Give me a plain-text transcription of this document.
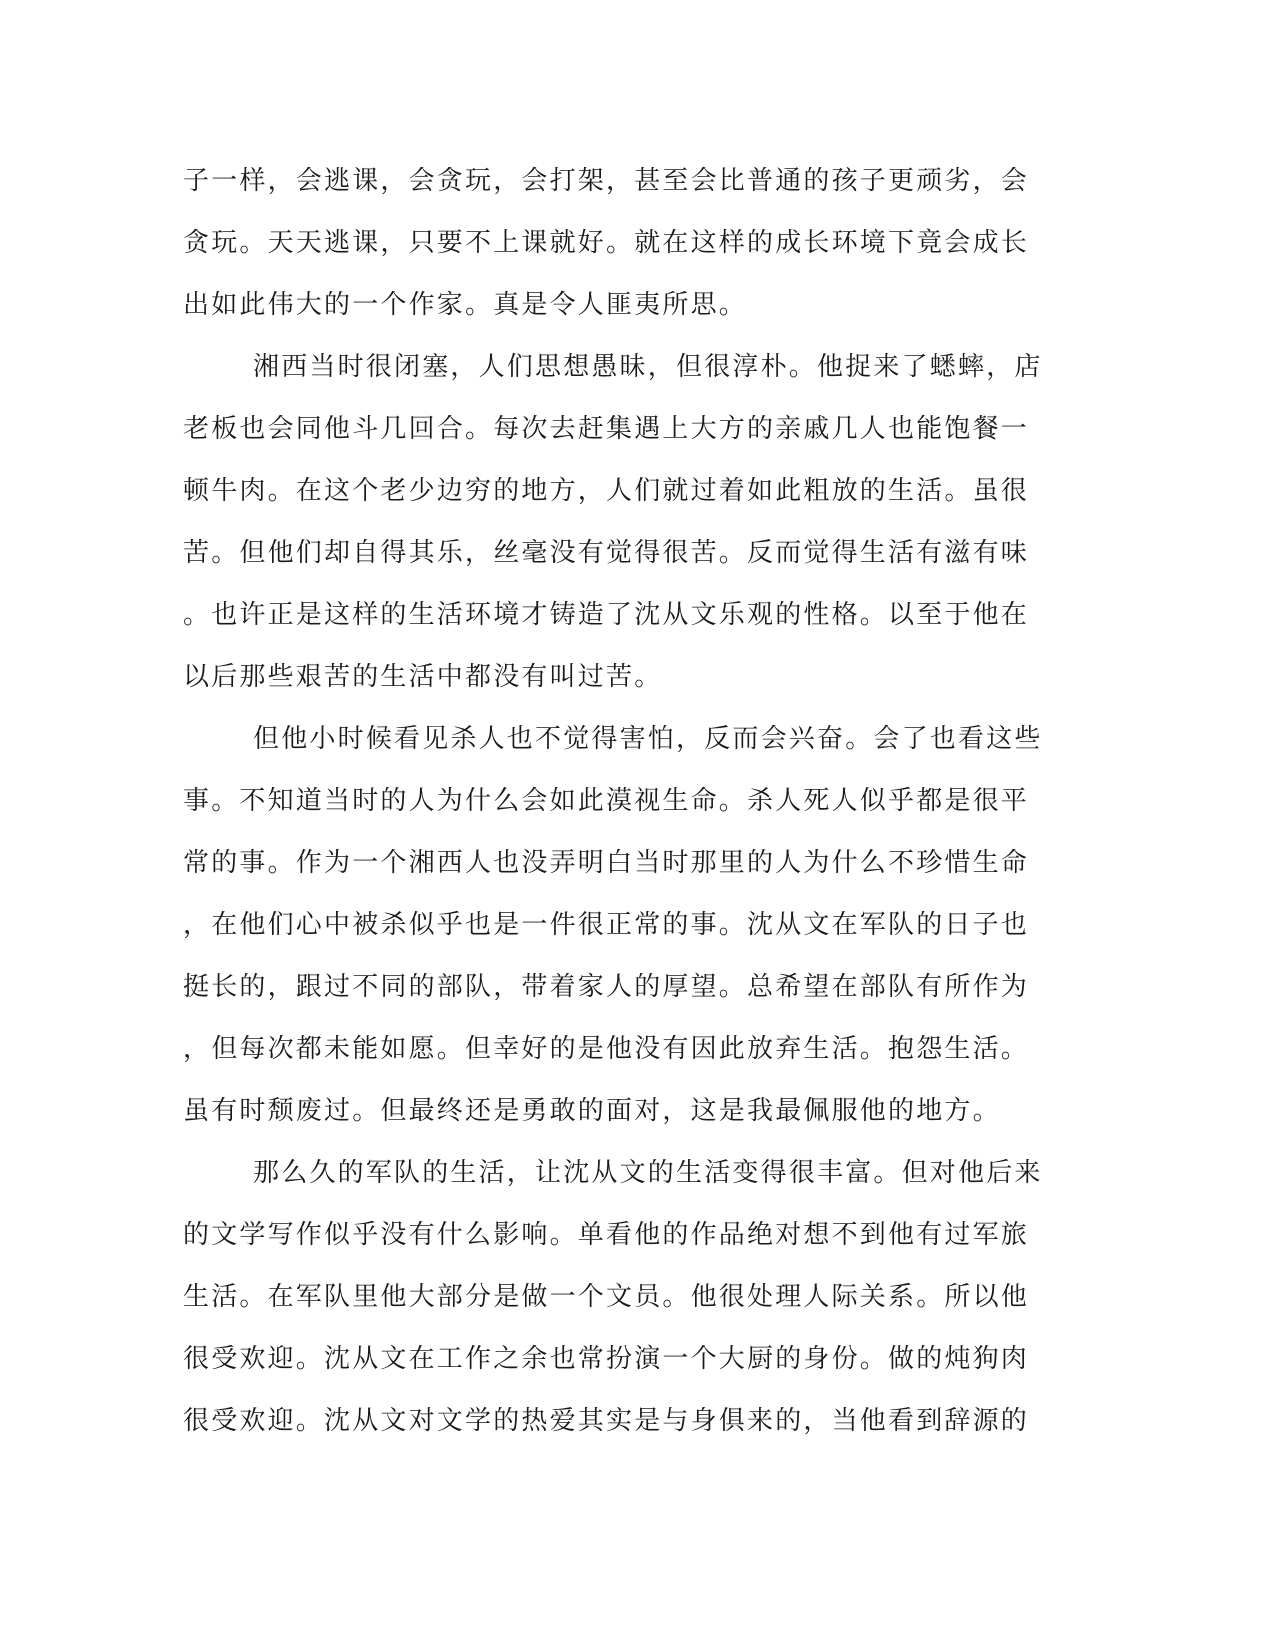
子一样，会逃课，会贪玩，会打架，甚至会比普通的孩子更顽劣，会
贪玩。天天逃课，只要不上课就好。就在这样的成长环境下竟会成长
出如此伟大的一个作家。真是令人匪夷所思。
湘西当时很闭塞，人们思想愚昧，但很淳朴。他捉来了蟋蟀，店
老板也会同他斗几回合。每次去赶集遇上大方的亲戚几人也能饱餐一
顿牛肉。在这个老少边穷的地方，人们就过着如此粗放的生活。虽很
苦。但他们却自得其乐，丝毫没有觉得很苦。反而觉得生活有滋有味
。也许正是这样的生活环境才铸造了沈从文乐观的性格。以至于他在
以后那些艰苦的生活中都没有叫过苦。
但他小时候看见杀人也不觉得害怕，反而会兴奋。会了也看这些
事。不知道当时的人为什么会如此漠视生命。杀人死人似乎都是很平
常的事。作为一个湘西人也没弄明白当时那里的人为什么不珍惜生命
，在他们心中被杀似乎也是一件很正常的事。沈从文在军队的日子也
挺长的，跟过不同的部队，带着家人的厚望。总希望在部队有所作为
，但每次都未能如愿。但幸好的是他没有因此放弃生活。抱怨生活。
虽有时颓废过。但最终还是勇敢的面对，这是我最佩服他的地方。
那么久的军队的生活，让沈从文的生活变得很丰富。但对他后来
的文学写作似乎没有什么影响。单看他的作品绝对想不到他有过军旅
生活。在军队里他大部分是做一个文员。他很处理人际关系。所以他
很受欢迎。沈从文在工作之余也常扮演一个大厨的身份。做的炖狗肉
很受欢迎。沈从文对文学的热爱其实是与身俱来的，当他看到辞源的
